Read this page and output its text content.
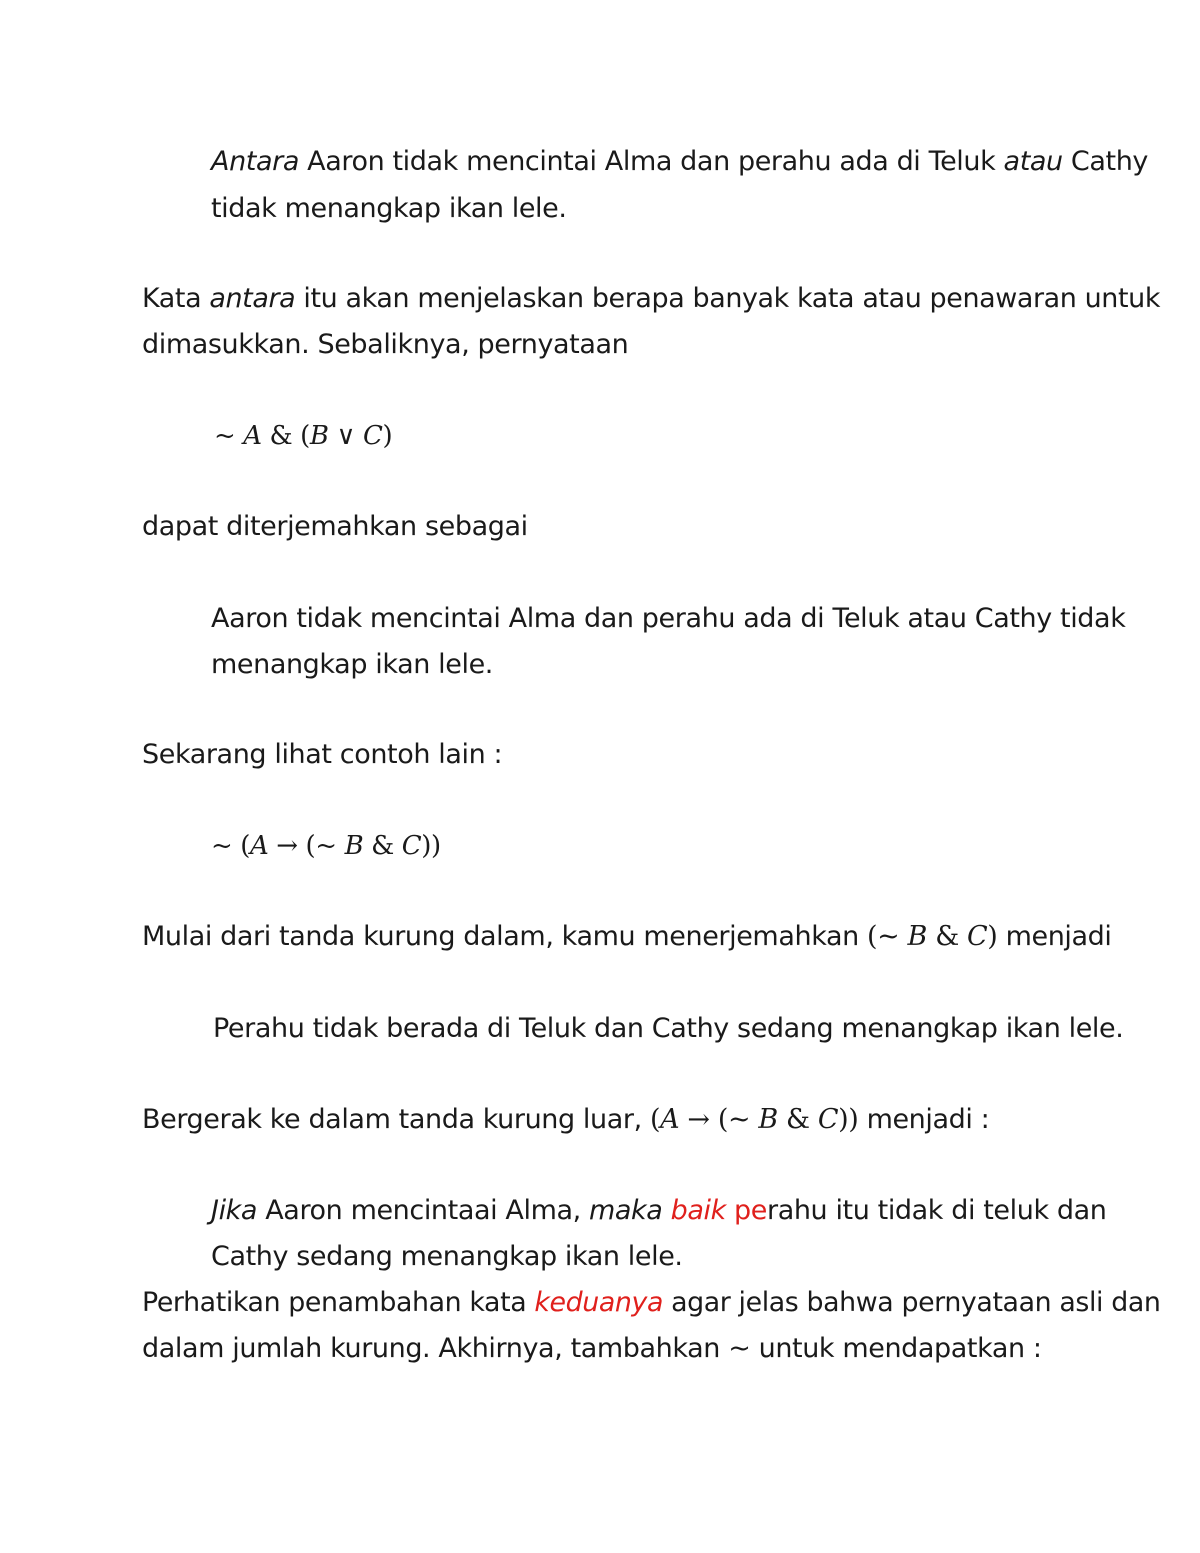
Antara Aaron tidak mencintai Alma dan perahu ada di Teluk atau Cathy
tidak menangkap ikan lele.
Kata antara itu akan menjelaskan berapa banyak kata atau penawaran untuk
dimasukkan. Sebaliknya, pernyataan
~ A & (B ∨ C)
dapat diterjemahkan sebagai
Aaron tidak mencintai Alma dan perahu ada di Teluk atau Cathy tidak
menangkap ikan lele.
Sekarang lihat contoh lain :
~ (A → (~ B & C))
Mulai dari tanda kurung dalam, kamu menerjemahkan (~ B & C) menjadi
Perahu tidak berada di Teluk dan Cathy sedang menangkap ikan lele.
Bergerak ke dalam tanda kurung luar, (A → (~ B & C)) menjadi :
Jika Aaron mencintaai Alma, maka baik perahu itu tidak di teluk dan
Cathy sedang menangkap ikan lele.
Perhatikan penambahan kata keduanya agar jelas bahwa pernyataan asli dan
dalam jumlah kurung. Akhirnya, tambahkan ~ untuk mendapatkan :
